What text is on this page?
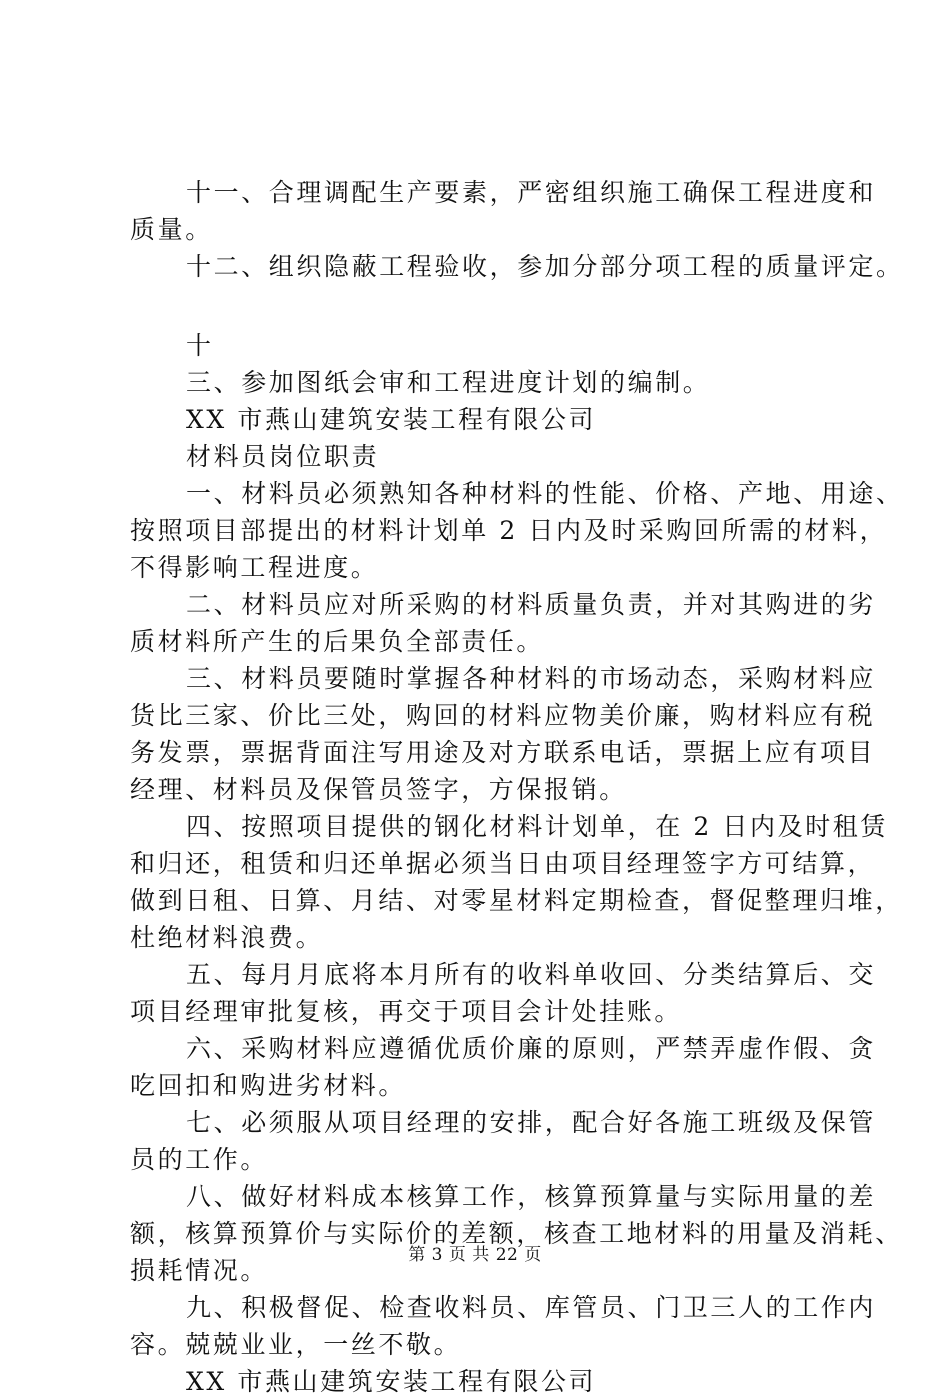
十一、合理调配生产要素，严密组织施工确保工程进度和
质量。
十二、组织隐蔽工程验收，参加分部分项工程的质量评定。
十
三、参加图纸会审和工程进度计划的编制。
XX 市燕山建筑安装工程有限公司
材料员岗位职责
一、材料员必须熟知各种材料的性能、价格、产地、用途、
按照项目部提出的材料计划单 2 日内及时采购回所需的材料，
不得影响工程进度。
二、材料员应对所采购的材料质量负责，并对其购进的劣
质材料所产生的后果负全部责任。
三、材料员要随时掌握各种材料的市场动态，采购材料应
货比三家、价比三处，购回的材料应物美价廉，购材料应有税
务发票，票据背面注写用途及对方联系电话，票据上应有项目
经理、材料员及保管员签字，方保报销。
四、按照项目提供的钢化材料计划单，在 2 日内及时租赁
和归还，租赁和归还单据必须当日由项目经理签字方可结算，
做到日租、日算、月结、对零星材料定期检查，督促整理归堆，
杜绝材料浪费。
五、每月月底将本月所有的收料单收回、分类结算后、交
项目经理审批复核，再交于项目会计处挂账。
六、采购材料应遵循优质价廉的原则，严禁弄虚作假、贪
吃回扣和购进劣材料。
七、必须服从项目经理的安排，配合好各施工班级及保管
员的工作。
八、做好材料成本核算工作，核算预算量与实际用量的差
额，核算预算价与实际价的差额，核查工地材料的用量及消耗、
损耗情况。
九、积极督促、检查收料员、库管员、门卫三人的工作内
容。兢兢业业，一丝不敬。
XX 市燕山建筑安装工程有限公司
第 3 页 共 22 页
